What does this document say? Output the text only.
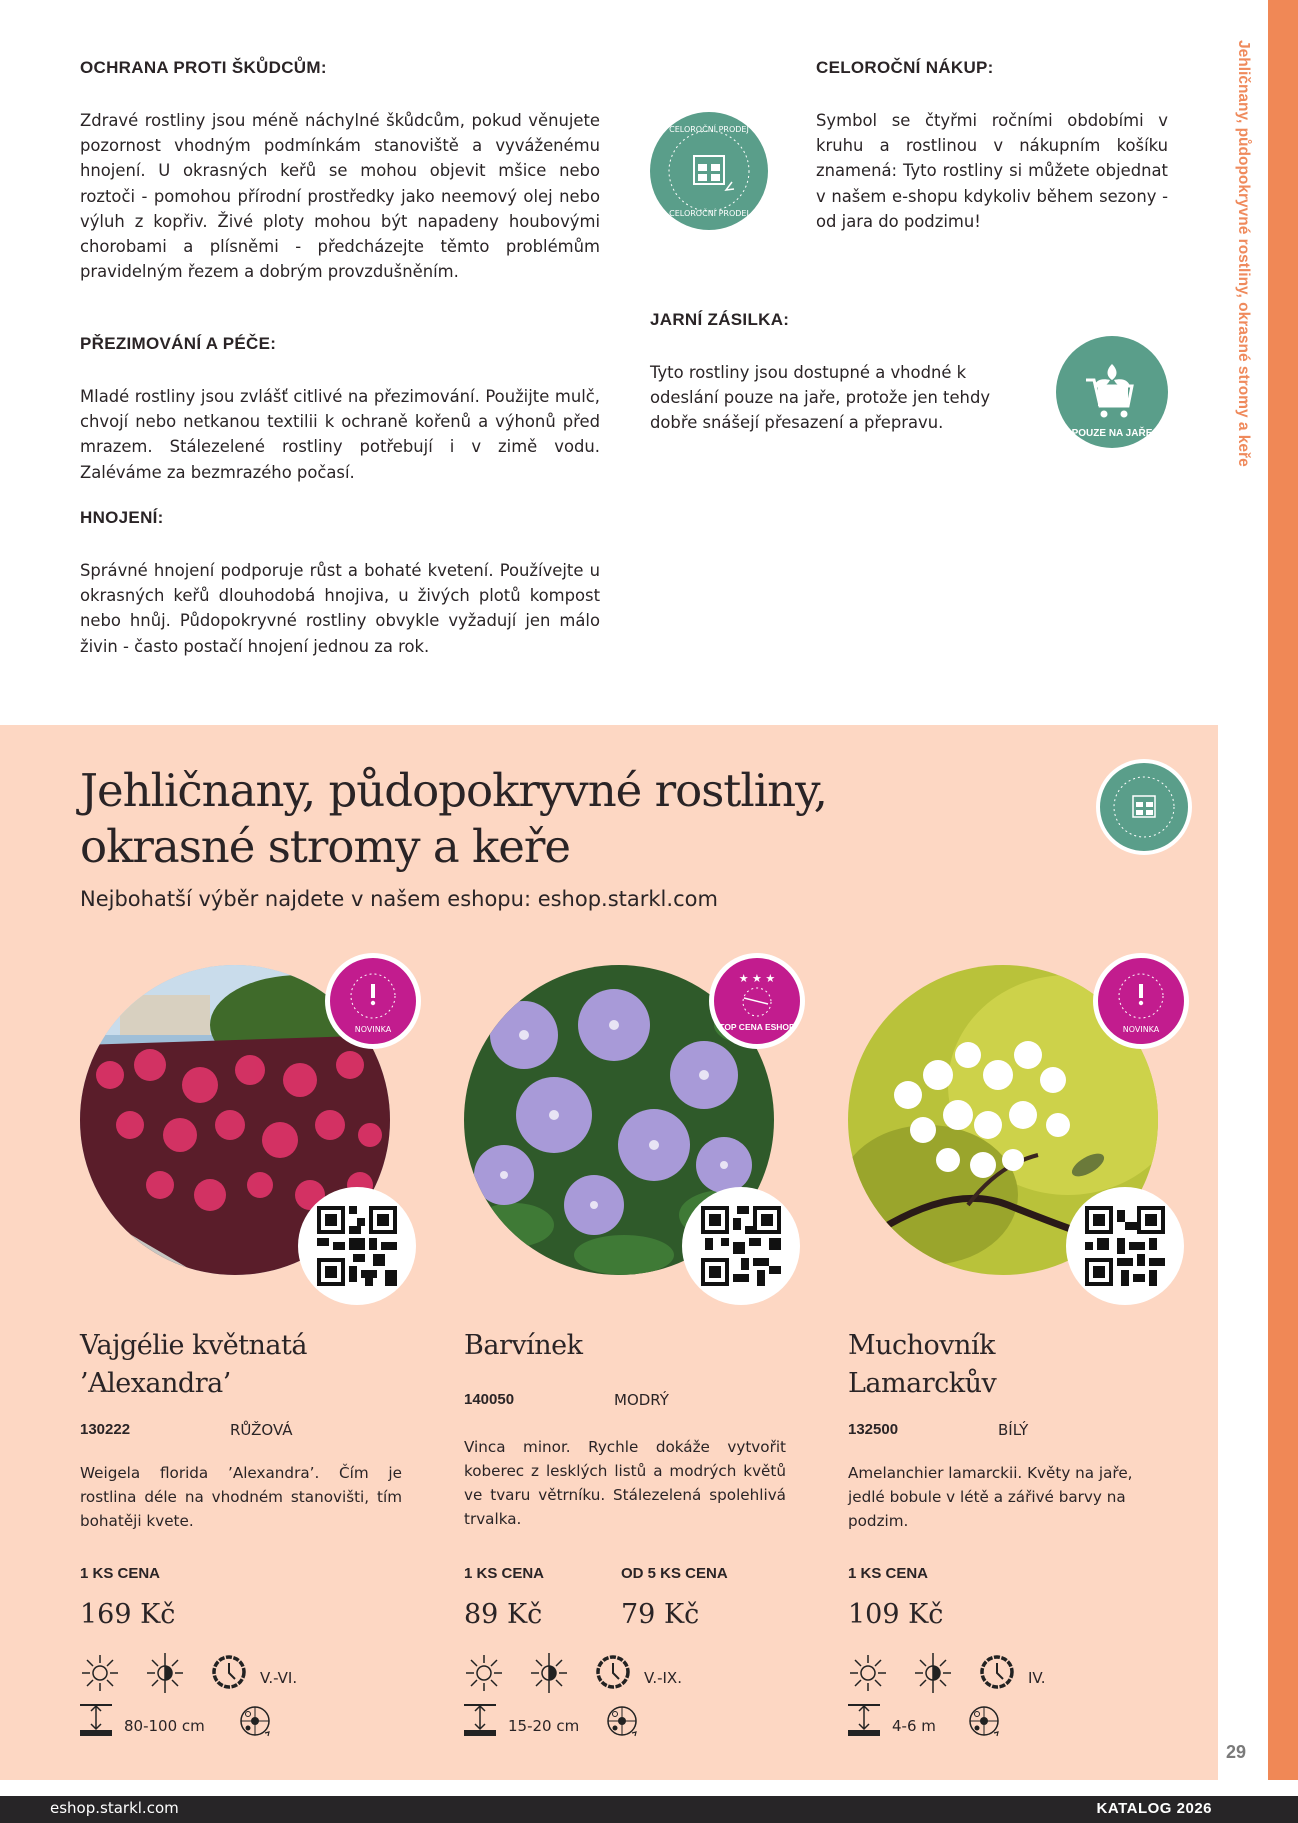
Jehličnany, půdopokryvné rostliny, okrasné stromy a keře
OCHRANA PROTI ŠKŮDCŮM:

Zdravé rostliny jsou méně náchylné škůdcům, pokud věnujete pozornost vhodným podmínkám stanoviště a vyváženému hnojení. U okrasných keřů se mohou objevit mšice nebo roztoči - pomohou přírodní prostředky jako neemový olej nebo výluh z kopřiv. Živé ploty mohou být napadeny houbovými chorobami a plísněmi - předcházejte těmto problémům pravidelným řezem a dobrým provzdušněním.

PŘEZIMOVÁNÍ A PÉČE:

Mladé rostliny jsou zvlášť citlivé na přezimování. Použijte mulč, chvojí nebo netkanou textilii k ochraně kořenů a výhonů před mrazem. Stálezelené rostliny potřebují i v zimě vodu. Zaléváme za bezmrazého počasí.

HNOJENÍ:

Správné hnojení podporuje růst a bohaté kvetení. Používejte u okrasných keřů dlouhodobá hnojiva, u živých plotů kompost nebo hnůj. Půdopokryvné rostliny obvykle vyžadují jen málo živin - často postačí hnojení jednou za rok.

CELOROČNÍ PRODEJ
CELOROČNÍ PRODEJ
CELOROČNÍ NÁKUP:

Symbol se čtyřmi ročními obdobími v kruhu a rostlinou v nákupním košíku znamená: Tyto rostliny si můžete objednat v našem e-shopu kdykoliv během sezony - od jara do podzimu!

JARNÍ ZÁSILKA:

Tyto rostliny jsou dostupné a vhodné k odeslání pouze na jaře, protože jen tehdy dobře snášejí přesazení a přepravu.

POUZE NA JAŘE
Jehličnany, půdopokryvné rostliny,
okrasné stromy a keře
Nejbohatší výběr najdete v našem eshopu: eshop.starkl.com
NOVINKA
Vajgélie květnatá
’Alexandra’
130222	RŮŽOVÁ
Weigela florida ’Alexandra’. Čím je rostlina déle na vhodném stanovišti, tím bohatěji kvete.
1 KS CENA
169 Kč
V.-VI.
80-100 cm
★ ★ ★
TOP CENA ESHOP
Barvínek
140050	MODRÝ
Vinca minor. Rychle dokáže vytvořit koberec z lesklých listů a modrých květů ve tvaru větrníku. Stálezelená spolehlivá trvalka.
1 KS CENA
89 Kč
OD 5 KS CENA
79 Kč
V.-IX.
15-20 cm
NOVINKA
Muchovník
Lamarckův
132500	BÍLÝ
Amelanchier lamarckii. Květy na jaře, jedlé bobule v létě a zářivé barvy na podzim.
1 KS CENA
109 Kč
IV.
4-6 m
29
eshop.starkl.com	KATALOG 2026
